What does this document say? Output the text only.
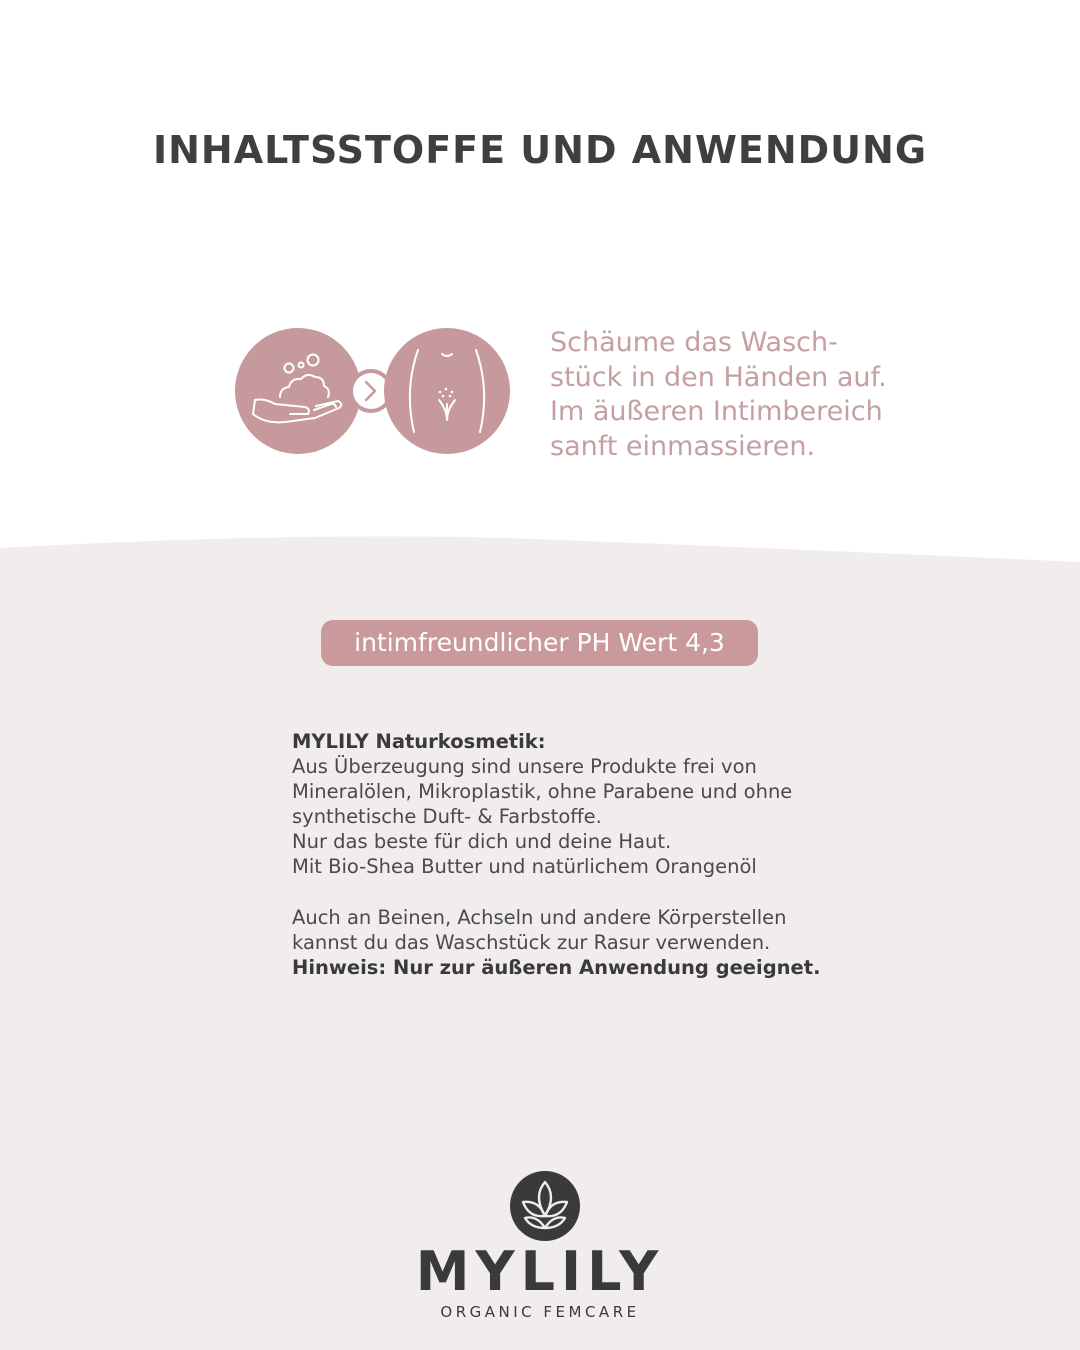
INHALTSSTOFFE UND ANWENDUNG
Schäume das Wasch-
stück in den Händen auf.
Im äußeren Intimbereich
sanft einmassieren.
intimfreundlicher PH Wert 4,3
MYLILY Naturkosmetik:
Aus Überzeugung sind unsere Produkte frei von
Mineralölen, Mikroplastik, ohne Parabene und ohne
synthetische Duft- & Farbstoffe.
Nur das beste für dich und deine Haut.
Mit Bio-Shea Butter und natürlichem Orangenöl
Auch an Beinen, Achseln und andere Körperstellen
kannst du das Waschstück zur Rasur verwenden.
Hinweis: Nur zur äußeren Anwendung geeignet.
MYLILY
ORGANIC FEMCARE
